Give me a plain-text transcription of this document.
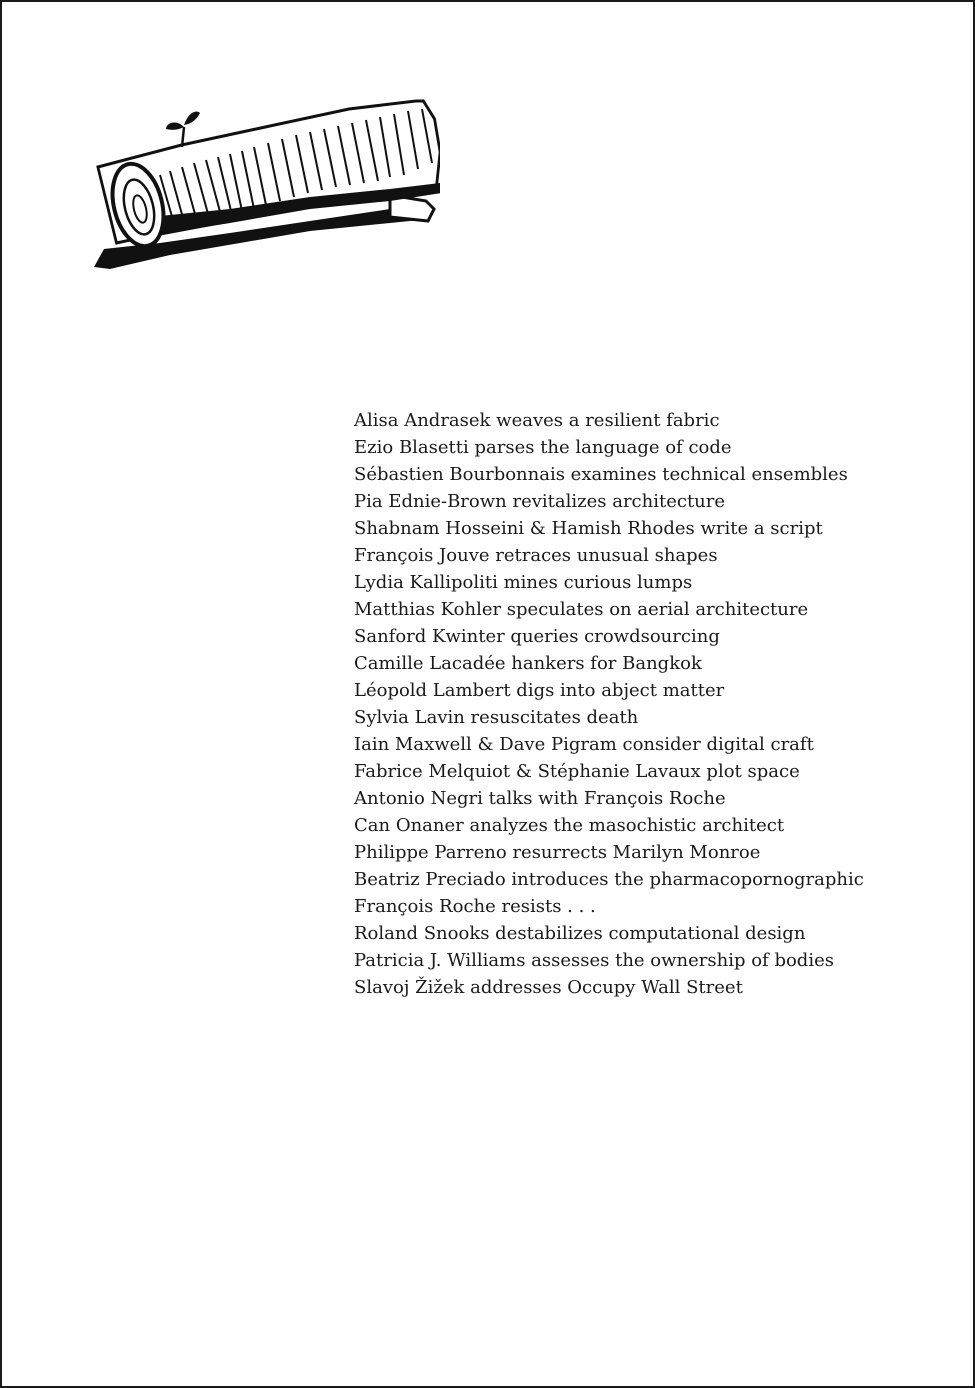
Alisa Andrasek weaves a resilient fabric
Ezio Blasetti parses the language of code
Sébastien Bourbonnais examines technical ensembles
Pia Ednie-Brown revitalizes architecture
Shabnam Hosseini & Hamish Rhodes write a script
François Jouve retraces unusual shapes
Lydia Kallipoliti mines curious lumps
Matthias Kohler speculates on aerial architecture
Sanford Kwinter queries crowdsourcing
Camille Lacadée hankers for Bangkok
Léopold Lambert digs into abject matter
Sylvia Lavin resuscitates death
Iain Maxwell & Dave Pigram consider digital craft
Fabrice Melquiot & Stéphanie Lavaux plot space
Antonio Negri talks with François Roche
Can Onaner analyzes the masochistic architect
Philippe Parreno resurrects Marilyn Monroe
Beatriz Preciado introduces the pharmacopornographic
François Roche resists . . .
Roland Snooks destabilizes computational design
Patricia J. Williams assesses the ownership of bodies
Slavoj Žižek addresses Occupy Wall Street
